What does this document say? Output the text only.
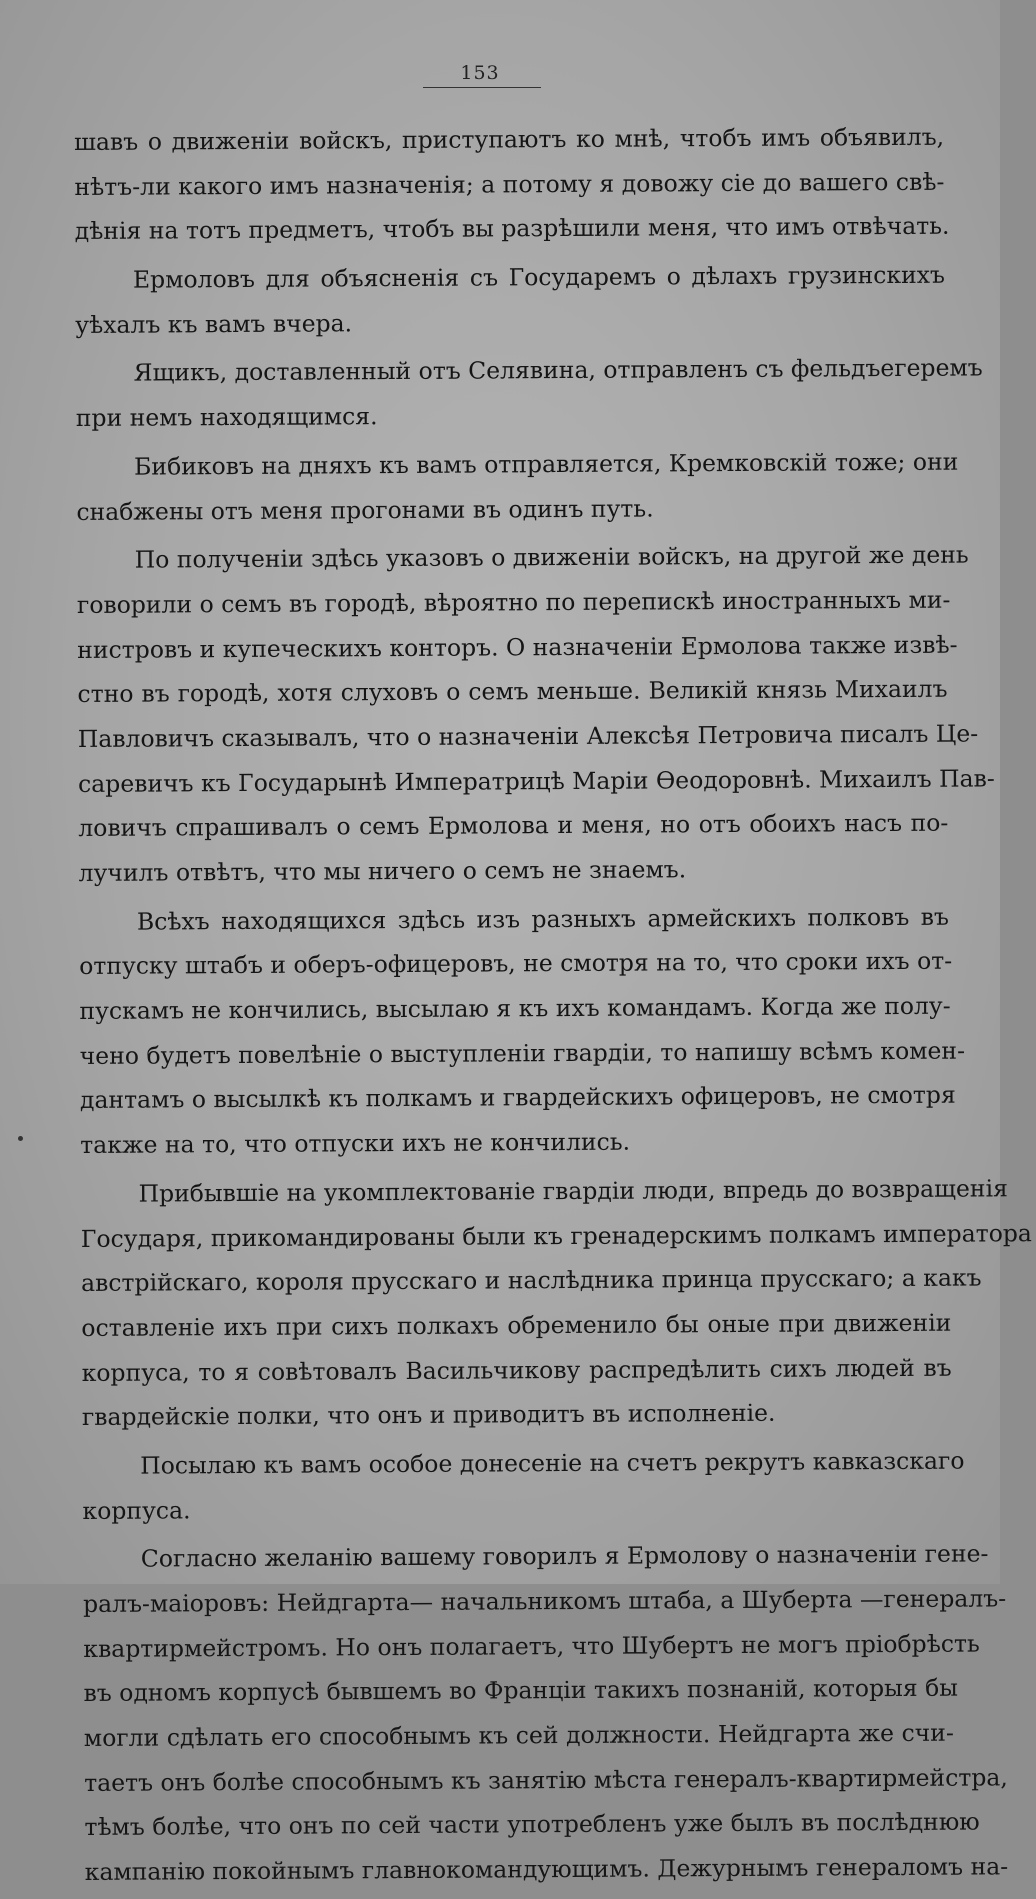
153
шавъ о движеніи войскъ, приступаютъ ко мнѣ, чтобъ имъ объявилъ,
нѣтъ-ли какого имъ назначенія; а потому я довожу сіе до вашего свѣ-
дѣнія на тотъ предметъ, чтобъ вы разрѣшили меня, что имъ отвѣчать.
Ермоловъ для объясненія съ Государемъ о дѣлахъ грузинскихъ
уѣхалъ къ вамъ вчера.
Ящикъ, доставленный отъ Селявина, отправленъ съ фельдъегеремъ
при немъ находящимся.
Бибиковъ на дняхъ къ вамъ отправляется, Кремковскій тоже; они
снабжены отъ меня прогонами въ одинъ путь.
По полученіи здѣсь указовъ о движеніи войскъ, на другой же день
говорили о семъ въ городѣ, вѣроятно по перепискѣ иностранныхъ ми-
нистровъ и купеческихъ конторъ. О назначеніи Ермолова также извѣ-
стно въ городѣ, хотя слуховъ о семъ меньше. Великій князь Михаилъ
Павловичъ сказывалъ, что о назначеніи Алексѣя Петровича писалъ Це-
саревичъ къ Государынѣ Императрицѣ Маріи Ѳеодоровнѣ. Михаилъ Пав-
ловичъ спрашивалъ о семъ Ермолова и меня, но отъ обоихъ насъ по-
лучилъ отвѣтъ, что мы ничего о семъ не знаемъ.
Всѣхъ находящихся здѣсь изъ разныхъ армейскихъ полковъ въ
отпуску штабъ и оберъ-офицеровъ, не смотря на то, что сроки ихъ от-
пускамъ не кончились, высылаю я къ ихъ командамъ. Когда же полу-
чено будетъ повелѣніе о выступленіи гвардіи, то напишу всѣмъ комен-
дантамъ о высылкѣ къ полкамъ и гвардейскихъ офицеровъ, не смотря
также на то, что отпуски ихъ не кончились.
Прибывшіе на укомплектованіе гвардіи люди, впредь до возвращенія
Государя, прикомандированы были къ гренадерскимъ полкамъ императора
австрійскаго, короля прусскаго и наслѣдника принца прусскаго; а какъ
оставленіе ихъ при сихъ полкахъ обременило бы оные при движеніи
корпуса, то я совѣтовалъ Васильчикову распредѣлить сихъ людей въ
гвардейскіе полки, что онъ и приводитъ въ исполненіе.
Посылаю къ вамъ особое донесеніе на счетъ рекрутъ кавказскаго
корпуса.
Согласно желанію вашему говорилъ я Ермолову о назначеніи гене-
ралъ-маіоровъ: Нейдгарта— начальникомъ штаба, а Шуберта —генералъ-
квартирмейстромъ. Но онъ полагаетъ, что Шубертъ не могъ пріобрѣсть
въ одномъ корпусѣ бывшемъ во Франціи такихъ познаній, которыя бы
могли сдѣлать его способнымъ къ сей должности. Нейдгарта же счи-
таетъ онъ болѣе способнымъ къ занятію мѣста генералъ-квартирмейстра,
тѣмъ болѣе, что онъ по сей части употребленъ уже былъ въ послѣднюю
кампанію покойнымъ главнокомандующимъ. Дежурнымъ генераломъ на-
